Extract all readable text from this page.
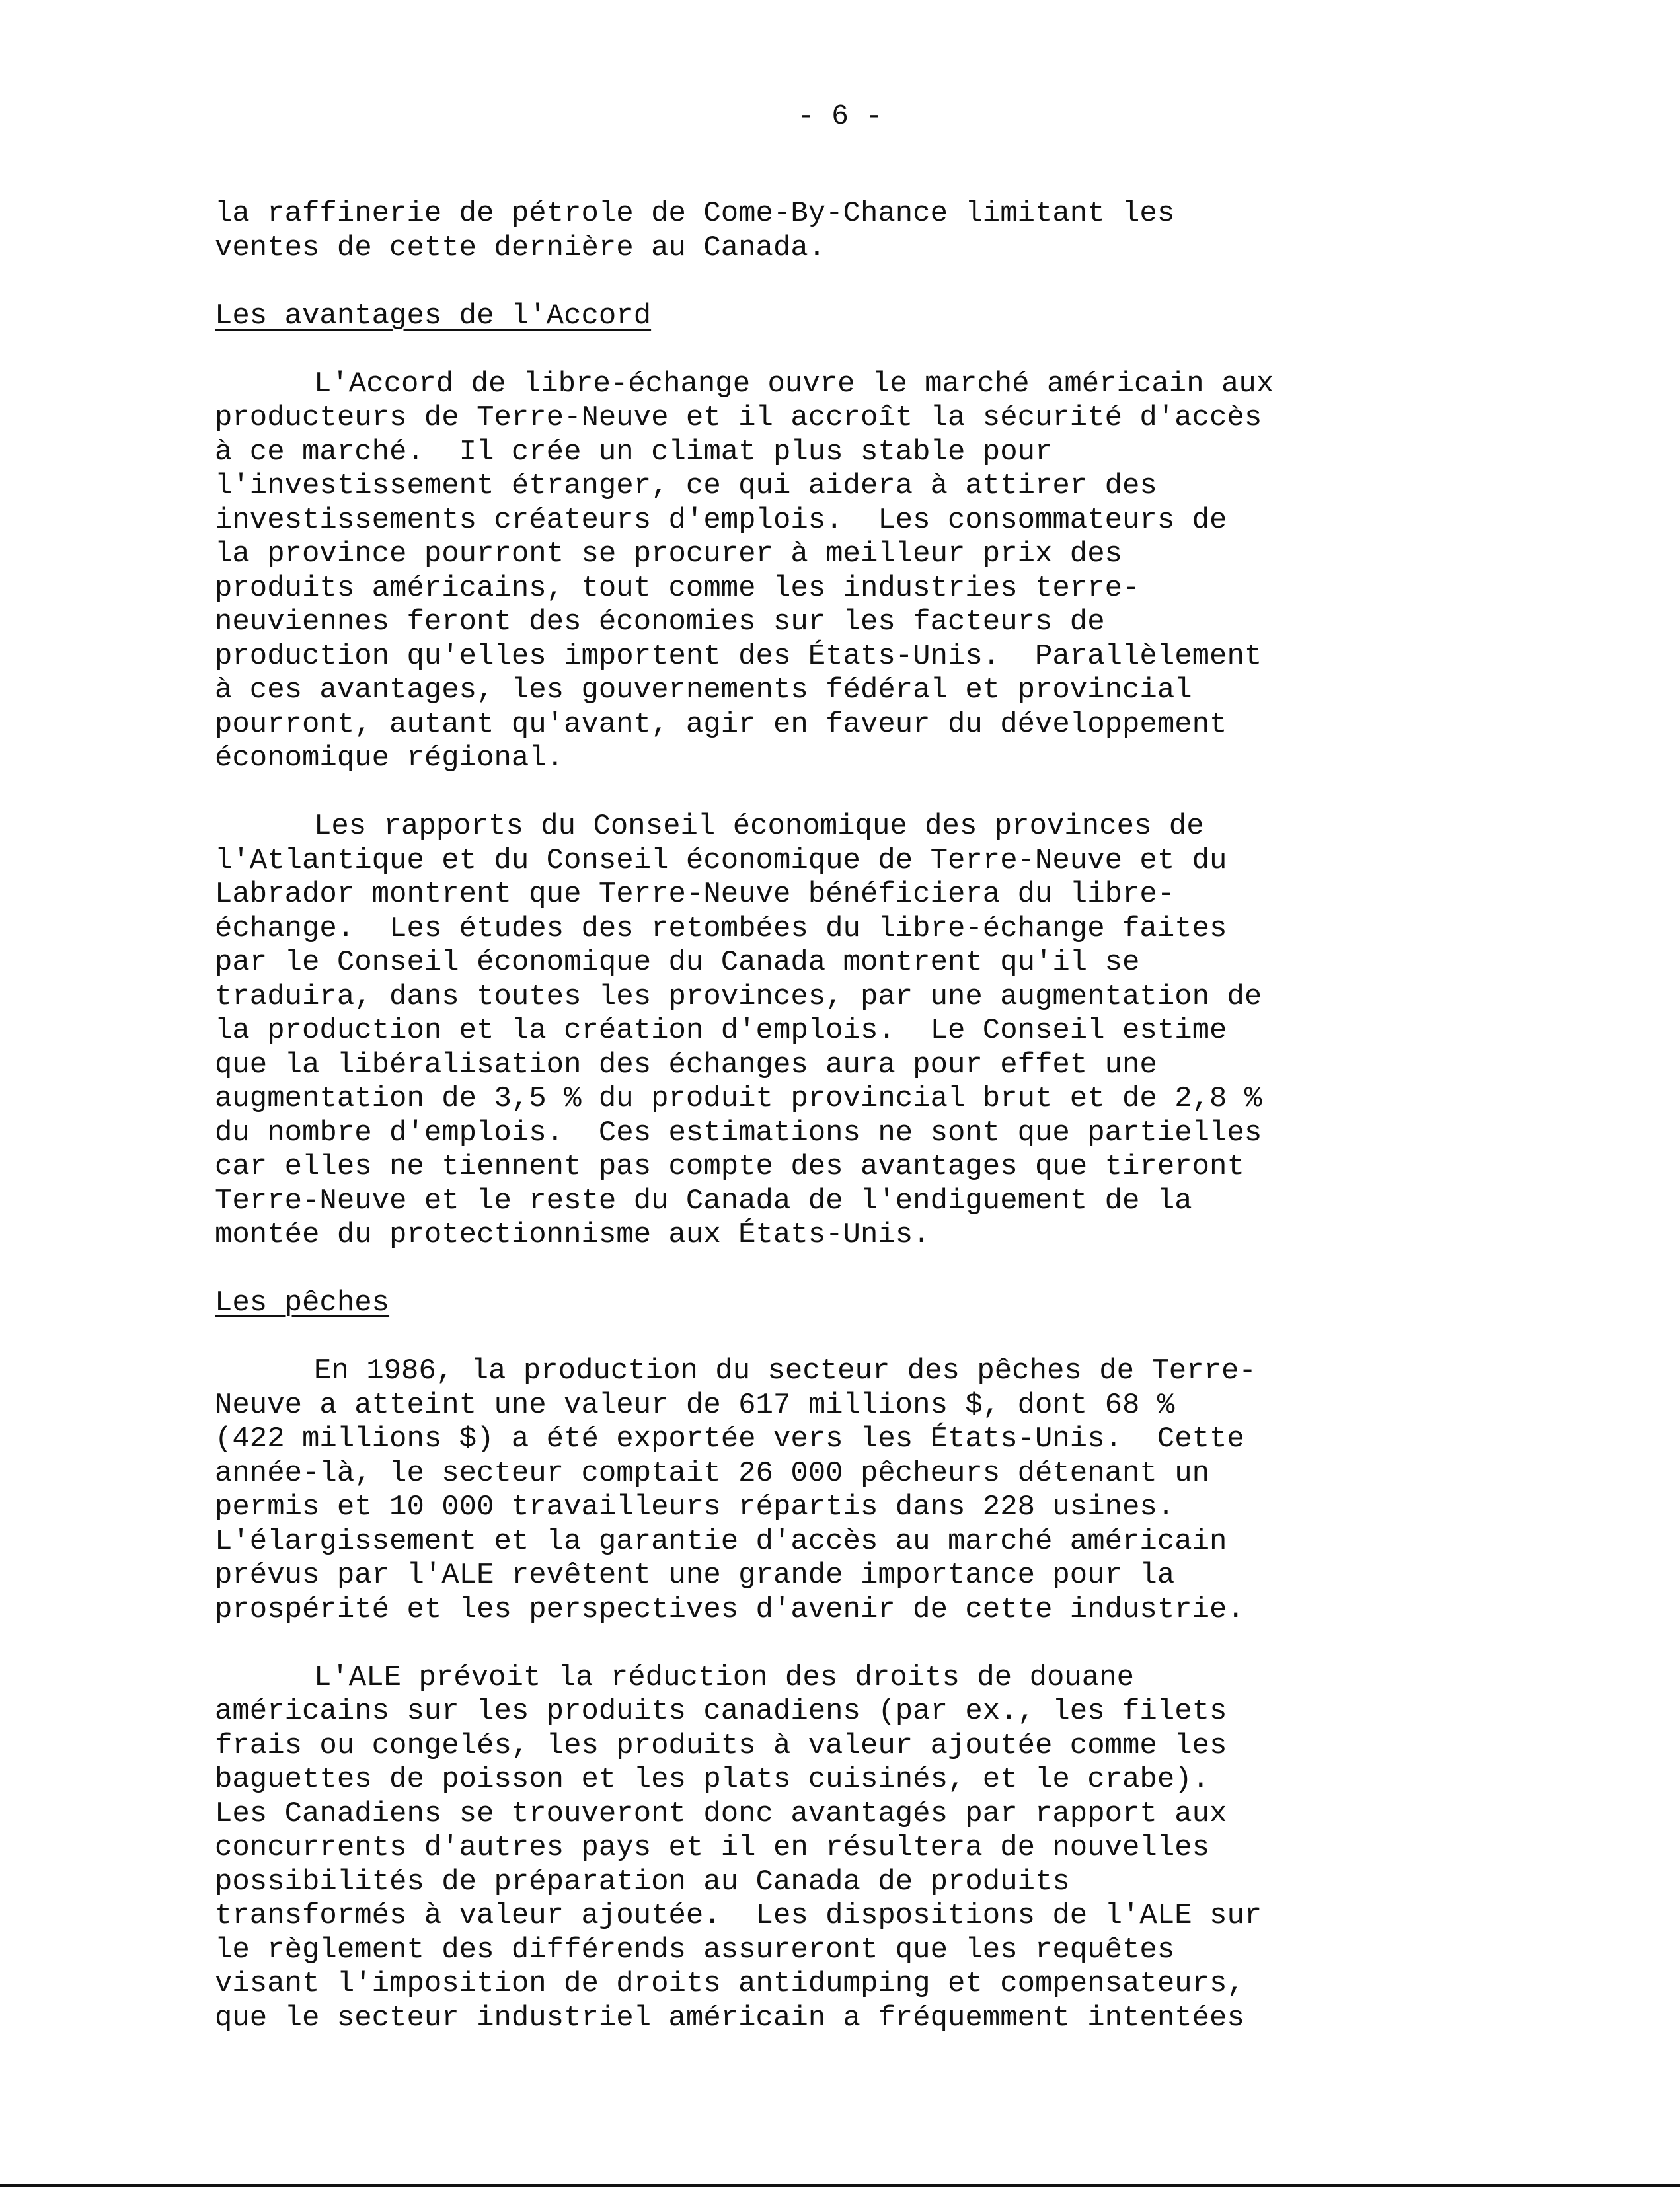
- 6 -
la raffinerie de pétrole de Come-By-Chance limitant les
ventes de cette dernière au Canada.
Les avantages de l'Accord
L'Accord de libre-échange ouvre le marché américain aux
producteurs de Terre-Neuve et il accroît la sécurité d'accès
à ce marché.  Il crée un climat plus stable pour
l'investissement étranger, ce qui aidera à attirer des
investissements créateurs d'emplois.  Les consommateurs de
la province pourront se procurer à meilleur prix des
produits américains, tout comme les industries terre-
neuviennes feront des économies sur les facteurs de
production qu'elles importent des États-Unis.  Parallèlement
à ces avantages, les gouvernements fédéral et provincial
pourront, autant qu'avant, agir en faveur du développement
économique régional.
Les rapports du Conseil économique des provinces de
l'Atlantique et du Conseil économique de Terre-Neuve et du
Labrador montrent que Terre-Neuve bénéficiera du libre-
échange.  Les études des retombées du libre-échange faites
par le Conseil économique du Canada montrent qu'il se
traduira, dans toutes les provinces, par une augmentation de
la production et la création d'emplois.  Le Conseil estime
que la libéralisation des échanges aura pour effet une
augmentation de 3,5 % du produit provincial brut et de 2,8 %
du nombre d'emplois.  Ces estimations ne sont que partielles
car elles ne tiennent pas compte des avantages que tireront
Terre-Neuve et le reste du Canada de l'endiguement de la
montée du protectionnisme aux États-Unis.
Les pêches
En 1986, la production du secteur des pêches de Terre-
Neuve a atteint une valeur de 617 millions $, dont 68 %
(422 millions $) a été exportée vers les États-Unis.  Cette
année-là, le secteur comptait 26 000 pêcheurs détenant un
permis et 10 000 travailleurs répartis dans 228 usines.
L'élargissement et la garantie d'accès au marché américain
prévus par l'ALE revêtent une grande importance pour la
prospérité et les perspectives d'avenir de cette industrie.
L'ALE prévoit la réduction des droits de douane
américains sur les produits canadiens (par ex., les filets
frais ou congelés, les produits à valeur ajoutée comme les
baguettes de poisson et les plats cuisinés, et le crabe).
Les Canadiens se trouveront donc avantagés par rapport aux
concurrents d'autres pays et il en résultera de nouvelles
possibilités de préparation au Canada de produits
transformés à valeur ajoutée.  Les dispositions de l'ALE sur
le règlement des différends assureront que les requêtes
visant l'imposition de droits antidumping et compensateurs,
que le secteur industriel américain a fréquemment intentées
